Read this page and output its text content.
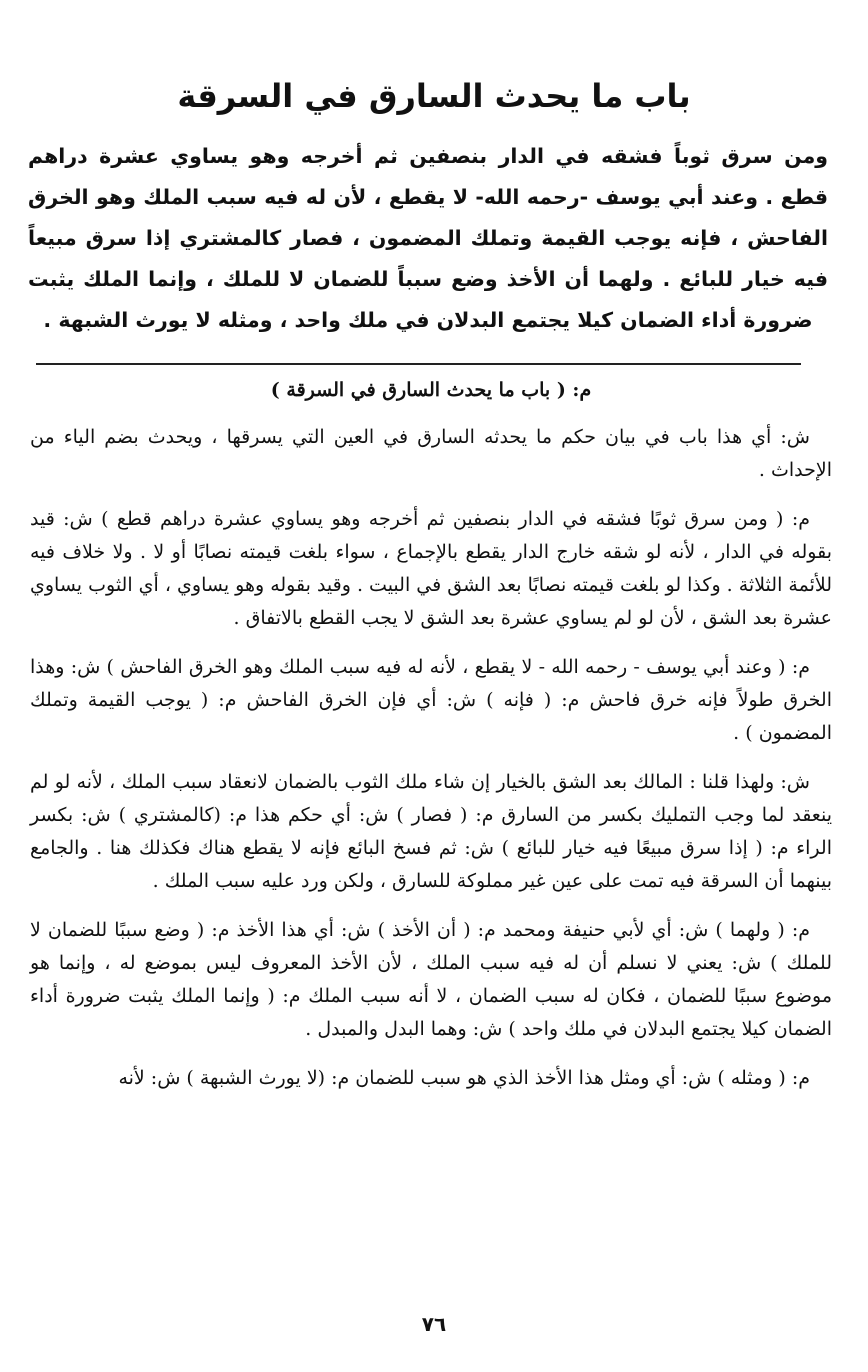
باب ما يحدث السارق في السرقة

ومن سرق ثوباً فشقه في الدار بنصفين ثم أخرجه وهو يساوي عشرة دراهم قطع . وعند أبي يوسف -رحمه الله- لا يقطع ، لأن له فيه سبب الملك وهو الخرق الفاحش ، فإنه يوجب القيمة وتملك المضمون ، فصار كالمشتري إذا سرق مبيعاً فيه خيار للبائع . ولهما أن الأخذ وضع سبباً للضمان لا للملك ، وإنما الملك يثبت ضرورة أداء الضمان كيلا يجتمع البدلان في ملك واحد ، ومثله لا يورث الشبهة .

م: ( باب ما يحدث السارق في السرقة )

ش: أي هذا باب في بيان حكم ما يحدثه السارق في العين التي يسرقها ، ويحدث بضم الياء من الإحداث .

م: ( ومن سرق ثوبًا فشقه في الدار بنصفين ثم أخرجه وهو يساوي عشرة دراهم قطع ) ش: قيد بقوله في الدار ، لأنه لو شقه خارج الدار يقطع بالإجماع ، سواء بلغت قيمته نصابًا أو لا . ولا خلاف فيه للأئمة الثلاثة . وكذا لو بلغت قيمته نصابًا بعد الشق في البيت . وقيد بقوله وهو يساوي ، أي الثوب يساوي عشرة بعد الشق ، لأن لو لم يساوي عشرة بعد الشق لا يجب القطع بالاتفاق .

م: ( وعند أبي يوسف - رحمه الله - لا يقطع ، لأنه له فيه سبب الملك وهو الخرق الفاحش ) ش: وهذا الخرق طولاً فإنه خرق فاحش م: ( فإنه ) ش: أي فإن الخرق الفاحش م: ( يوجب القيمة وتملك المضمون ) .

ش: ولهذا قلنا : المالك بعد الشق بالخيار إن شاء ملك الثوب بالضمان لانعقاد سبب الملك ، لأنه لو لم ينعقد لما وجب التمليك بكسر من السارق م: ( فصار ) ش: أي حكم هذا م: (كالمشتري ) ش: بكسر الراء م: ( إذا سرق مبيعًا فيه خيار للبائع ) ش: ثم فسخ البائع فإنه لا يقطع هناك فكذلك هنا . والجامع بينهما أن السرقة فيه تمت على عين غير مملوكة للسارق ، ولكن ورد عليه سبب الملك .

م: ( ولهما ) ش: أي لأبي حنيفة ومحمد م: ( أن الأخذ ) ش: أي هذا الأخذ م: ( وضع سببًا للضمان لا للملك ) ش: يعني لا نسلم أن له فيه سبب الملك ، لأن الأخذ المعروف ليس بموضع له ، وإنما هو موضوع سببًا للضمان ، فكان له سبب الضمان ، لا أنه سبب الملك م: ( وإنما الملك يثبت ضرورة أداء الضمان كيلا يجتمع البدلان في ملك واحد ) ش: وهما البدل والمبدل .

م: ( ومثله ) ش: أي ومثل هذا الأخذ الذي هو سبب للضمان م: (لا يورث الشبهة ) ش: لأنه

٧٦
